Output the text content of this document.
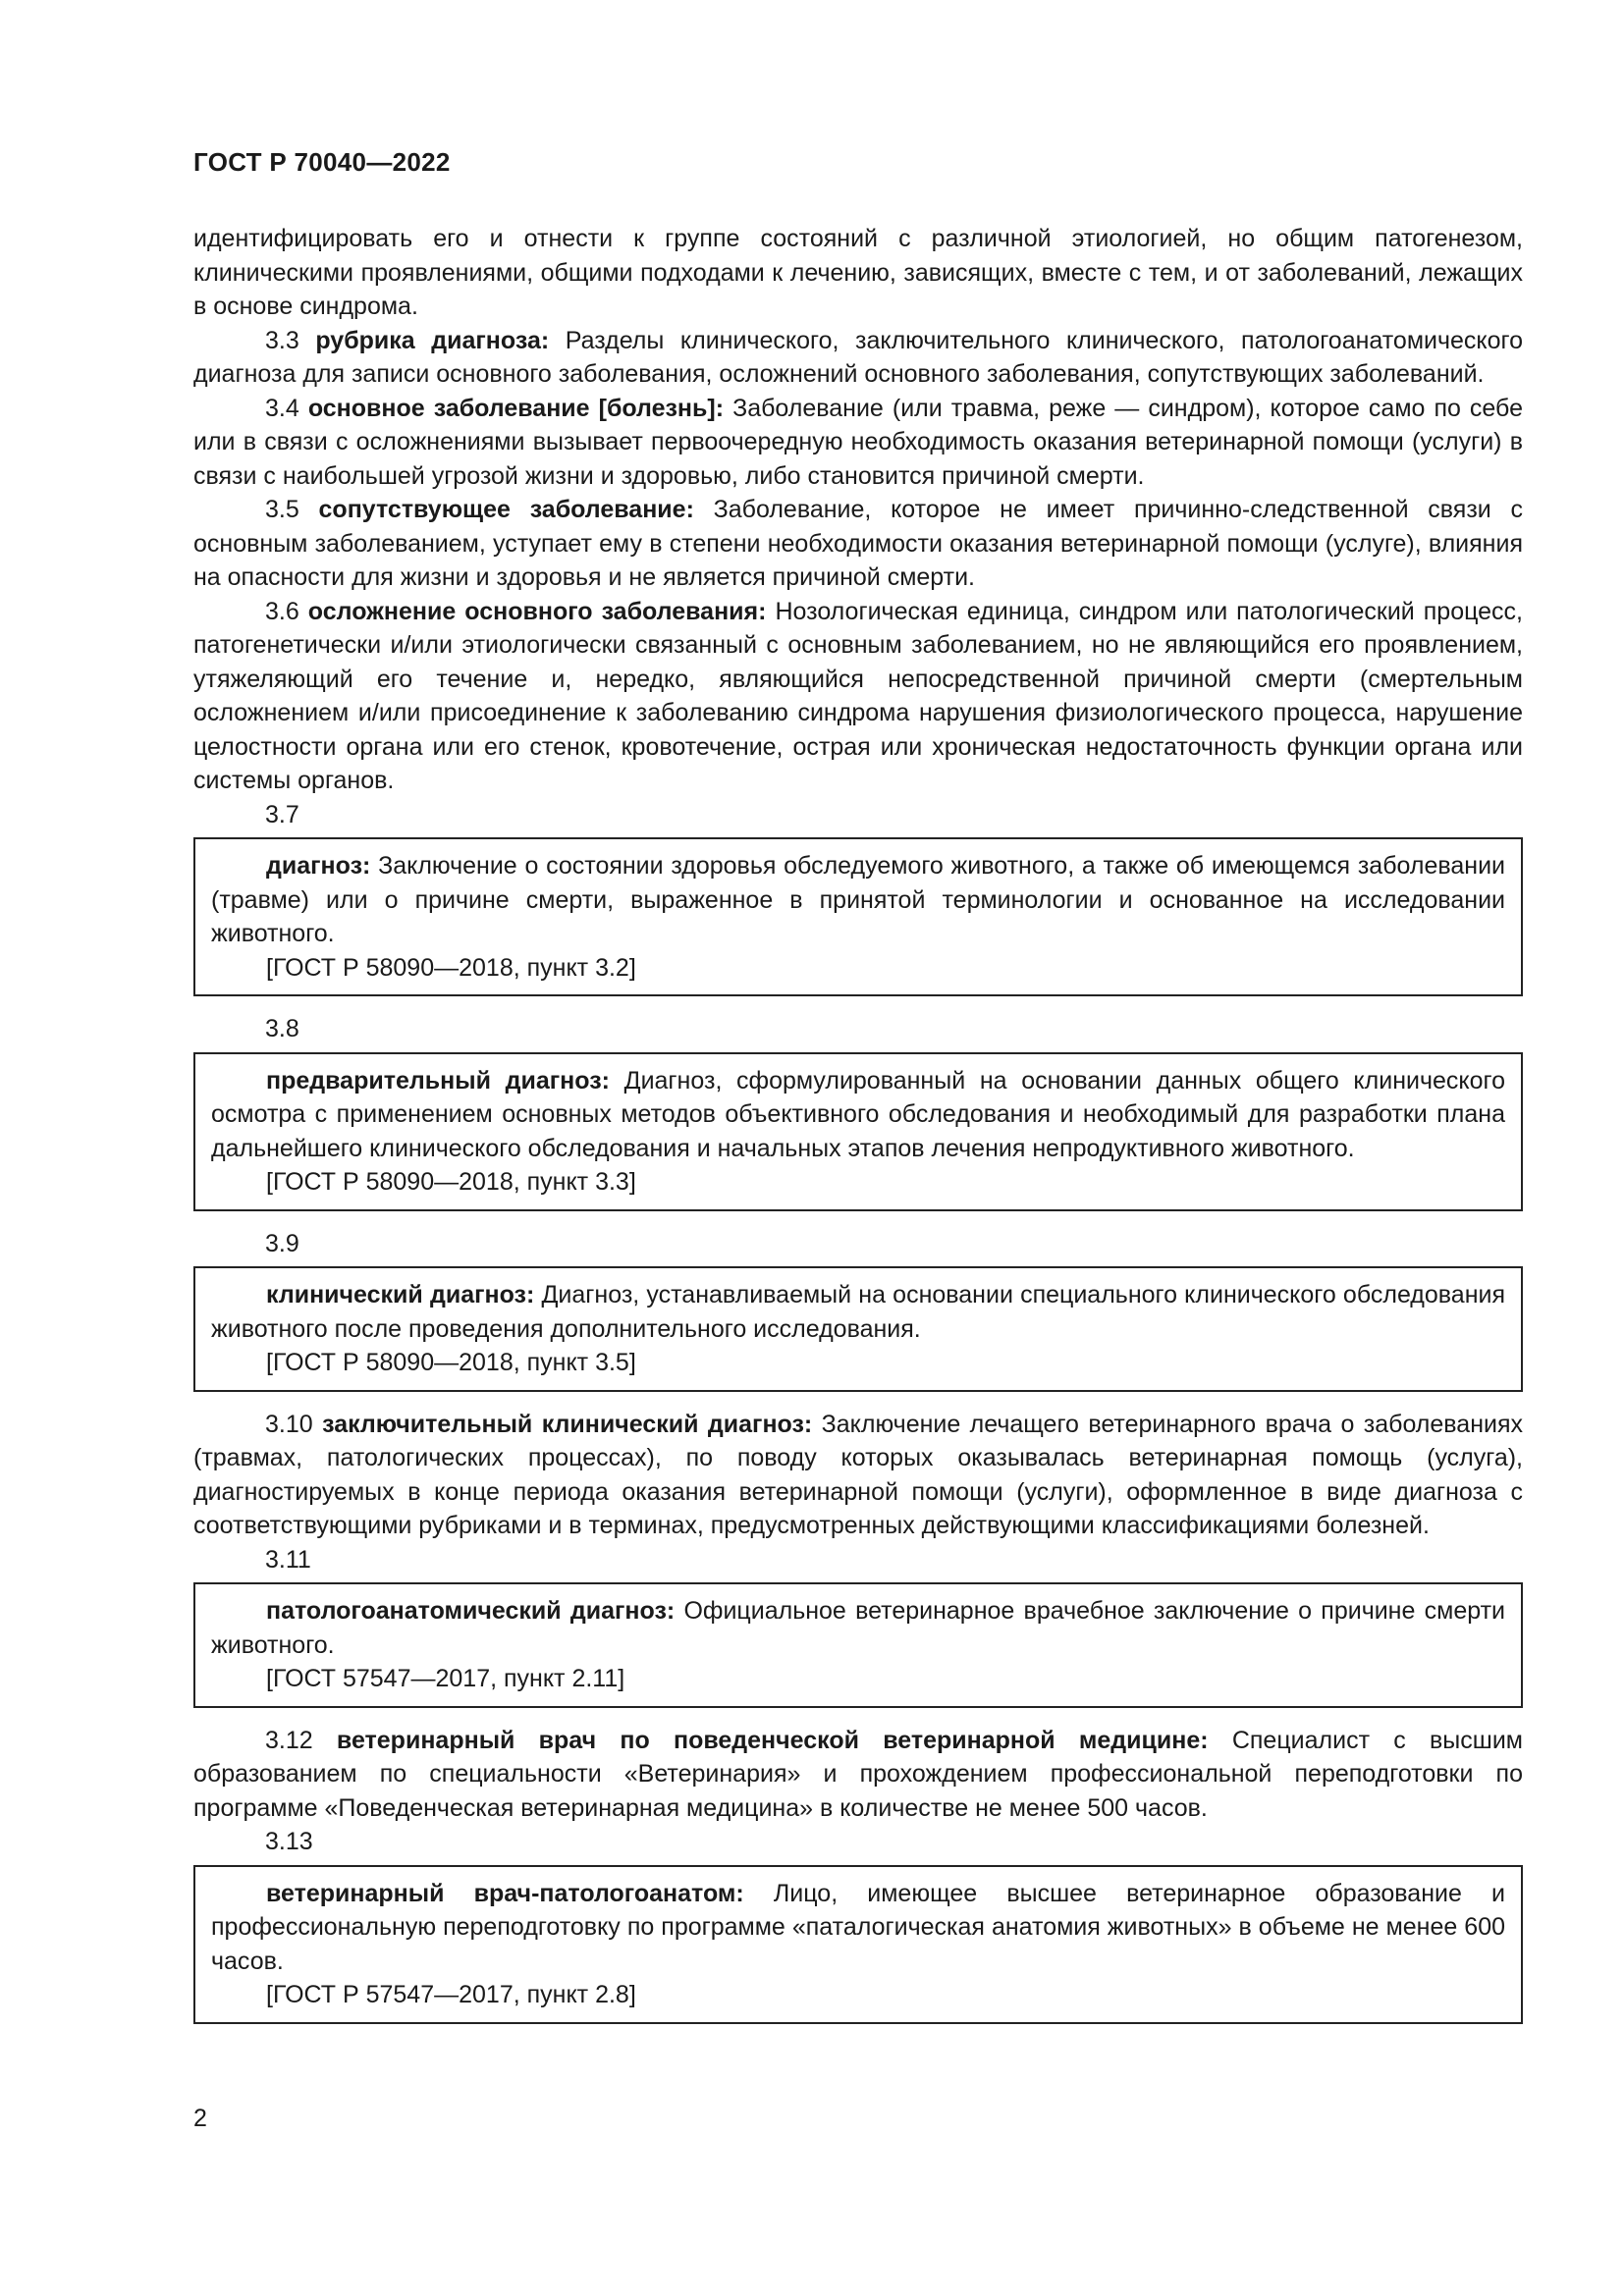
ГОСТ Р 70040—2022

идентифицировать его и отнести к группе состояний с различной этиологией, но общим патогенезом, клиническими проявлениями, общими подходами к лечению, зависящих, вместе с тем, и от заболеваний, лежащих в основе синдрома.

3.3 рубрика диагноза: Разделы клинического, заключительного клинического, патологоанатомического диагноза для записи основного заболевания, осложнений основного заболевания, сопутствующих заболеваний.

3.4 основное заболевание [болезнь]: Заболевание (или травма, реже — синдром), которое само по себе или в связи с осложнениями вызывает первоочередную необходимость оказания ветеринарной помощи (услуги) в связи с наибольшей угрозой жизни и здоровью, либо становится причиной смерти.

3.5 сопутствующее заболевание: Заболевание, которое не имеет причинно-следственной связи с основным заболеванием, уступает ему в степени необходимости оказания ветеринарной помощи (услуге), влияния на опасности для жизни и здоровья и не является причиной смерти.

3.6 осложнение основного заболевания: Нозологическая единица, синдром или патологический процесс, патогенетически и/или этиологически связанный с основным заболеванием, но не являющийся его проявлением, утяжеляющий его течение и, нередко, являющийся непосредственной причиной смерти (смертельным осложнением и/или присоединение к заболеванию синдрома нарушения физиологического процесса, нарушение целостности органа или его стенок, кровотечение, острая или хроническая недостаточность функции органа или системы органов.

3.7

диагноз: Заключение о состоянии здоровья обследуемого животного, а также об имеющемся заболевании (травме) или о причине смерти, выраженное в принятой терминологии и основанное на исследовании животного.

[ГОСТ Р 58090—2018, пункт 3.2]

3.8

предварительный диагноз: Диагноз, сформулированный на основании данных общего клинического осмотра с применением основных методов объективного обследования и необходимый для разработки плана дальнейшего клинического обследования и начальных этапов лечения непродуктивного животного.

[ГОСТ Р 58090—2018, пункт 3.3]

3.9

клинический диагноз: Диагноз, устанавливаемый на основании специального клинического обследования животного после проведения дополнительного исследования.

[ГОСТ Р 58090—2018, пункт 3.5]

3.10 заключительный клинический диагноз: Заключение лечащего ветеринарного врача о заболеваниях (травмах, патологических процессах), по поводу которых оказывалась ветеринарная помощь (услуга), диагностируемых в конце периода оказания ветеринарной помощи (услуги), оформленное в виде диагноза с соответствующими рубриками и в терминах, предусмотренных действующими классификациями болезней.

3.11

патологоанатомический диагноз: Официальное ветеринарное врачебное заключение о причине смерти животного.

[ГОСТ 57547—2017, пункт 2.11]

3.12 ветеринарный врач по поведенческой ветеринарной медицине: Специалист с высшим образованием по специальности «Ветеринария» и прохождением профессиональной переподготовки по программе «Поведенческая ветеринарная медицина» в количестве не менее 500 часов.

3.13

ветеринарный врач-патологоанатом: Лицо, имеющее высшее ветеринарное образование и профессиональную переподготовку по программе «паталогическая анатомия животных» в объеме не менее 600 часов.

[ГОСТ Р 57547—2017, пункт 2.8]

2
